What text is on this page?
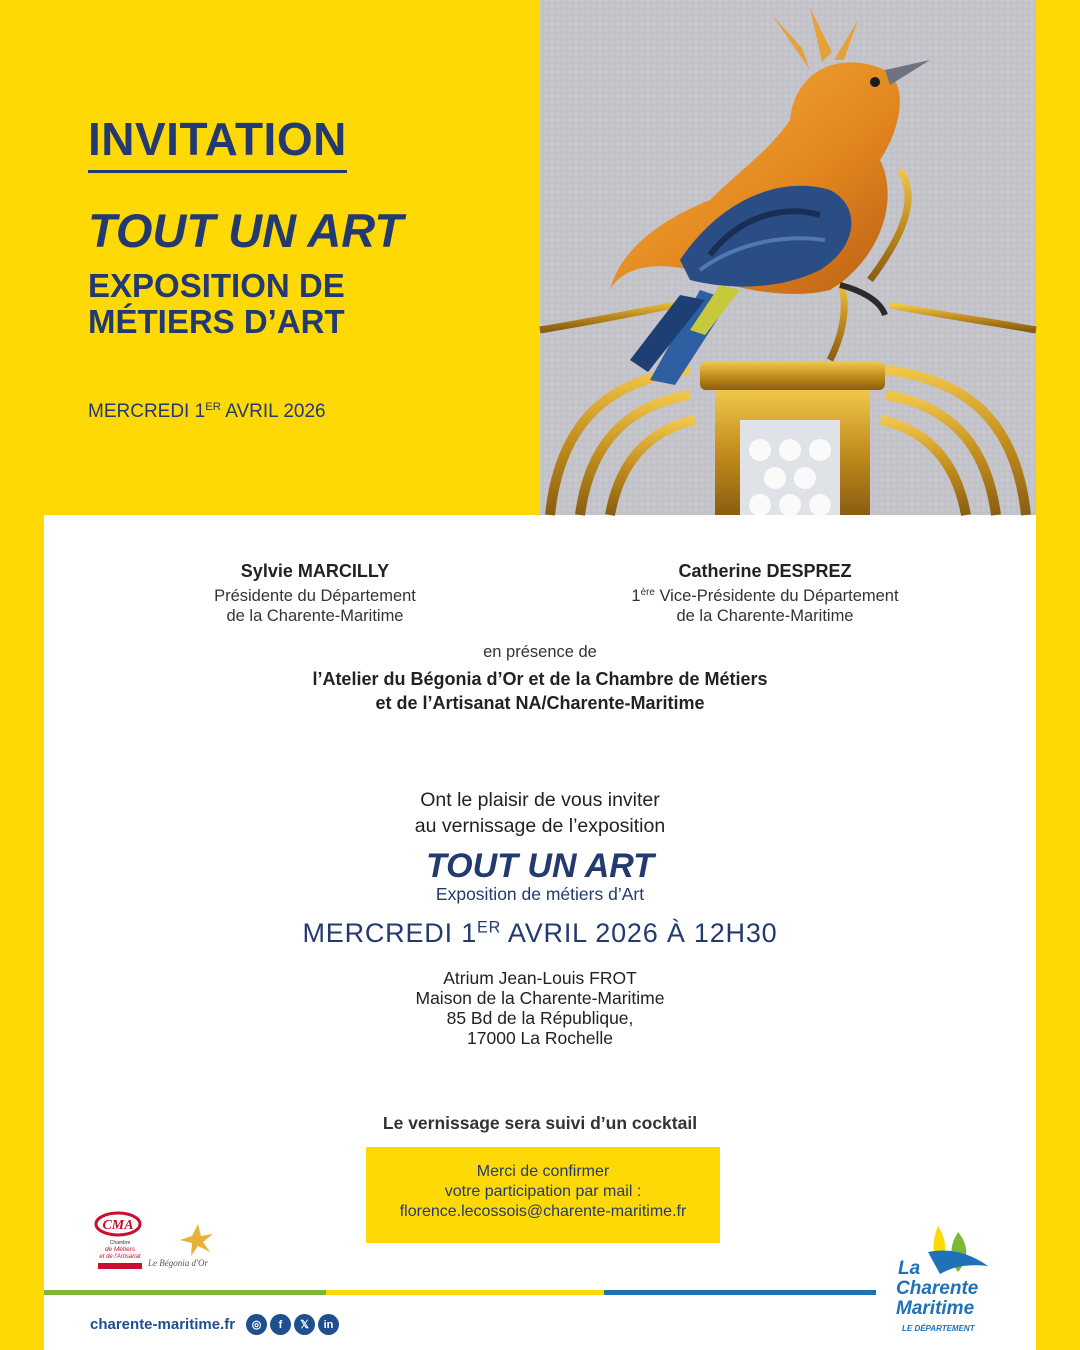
INVITATION
TOUT UN ART
EXPOSITION DE
MÉTIERS D’ART
MERCREDI 1ER AVRIL 2026
Sylvie MARCILLY
Présidente du Département
de la Charente-Maritime
Catherine DESPREZ
1ère Vice-Présidente du Département
de la Charente-Maritime
en présence de
l’Atelier du Bégonia d’Or et de la Chambre de Métiers
et de l’Artisanat NA/Charente-Maritime
Ont le plaisir de vous inviter
au vernissage de l’exposition
TOUT UN ART
Exposition de métiers d’Art
MERCREDI 1ER AVRIL 2026 À 12H30
Atrium Jean-Louis FROT
Maison de la Charente-Maritime
85 Bd de la République,
17000 La Rochelle
Le vernissage sera suivi d’un cocktail
Merci de confirmer
votre participation par mail :
florence.lecossois@charente-maritime.fr
CMA
Chambre
de Métiers
et de l'Artisanat
Le Bégonia d'Or
charente-maritime.fr	◎	f	𝕏	in
La
Charente
Maritime
LE DÉPARTEMENT
